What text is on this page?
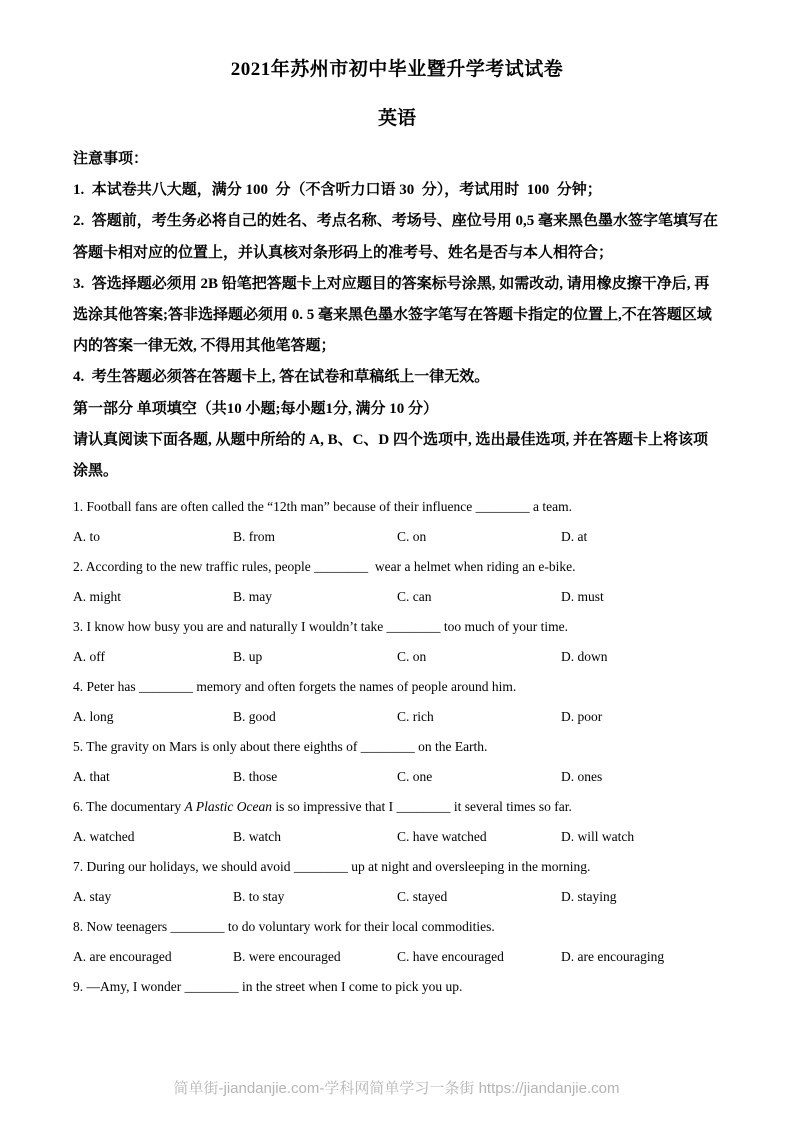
2021年苏州市初中毕业暨升学考试试卷
英语

注意事项：

1.  本试卷共八大题，满分 100  分（不含听力口语 30  分），考试用时  100  分钟；

2.  答题前，考生务必将自己的姓名、考点名称、考场号、座位号用 0,5 毫来黑色墨水签字笔填写在答题卡相对应的位置上，并认真核对条形码上的准考号、姓名是否与本人相符合；

3.  答选择题必须用 2B 铅笔把答题卡上对应题目的答案标号涂黑, 如需改动, 请用橡皮擦干净后, 再选涂其他答案;答非选择题必须用 0. 5 毫来黑色墨水签字笔写在答题卡指定的位置上,不在答题区域内的答案一律无效, 不得用其他笔答题；

4.  考生答题必须答在答题卡上, 答在试卷和草稿纸上一律无效。

第一部分 单项填空（共10 小题;每小题1分, 满分 10 分）

请认真阅读下面各题, 从题中所给的 A, B、C、D 四个选项中, 选出最佳选项, 并在答题卡上将该项涂黑。

1. Football fans are often called the “12th man” because of their influence ________ a team.

A. to	B. from	C. on	D. at

2. According to the new traffic rules, people ________  wear a helmet when riding an e-bike.

A. might	B. may	C. can	D. must

3. I know how busy you are and naturally I wouldn’t take ________ too much of your time.

A. off	B. up	C. on	D. down

4. Peter has ________ memory and often forgets the names of people around him.

A. long	B. good	C. rich	D. poor

5. The gravity on Mars is only about there eighths of ________ on the Earth.

A. that	B. those	C. one	D. ones

6. The documentary A Plastic Ocean is so impressive that I ________ it several times so far.

A. watched	B. watch	C. have watched	D. will watch

7. During our holidays, we should avoid ________ up at night and oversleeping in the morning.

A. stay	B. to stay	C. stayed	D. staying

8. Now teenagers ________ to do voluntary work for their local commodities.

A. are encouraged	B. were encouraged	C. have encouraged	D. are encouraging

9. —Amy, I wonder ________ in the street when I come to pick you up.

简单街-jiandanjie.com-学科网简单学习一条街 https://jiandanjie.com
